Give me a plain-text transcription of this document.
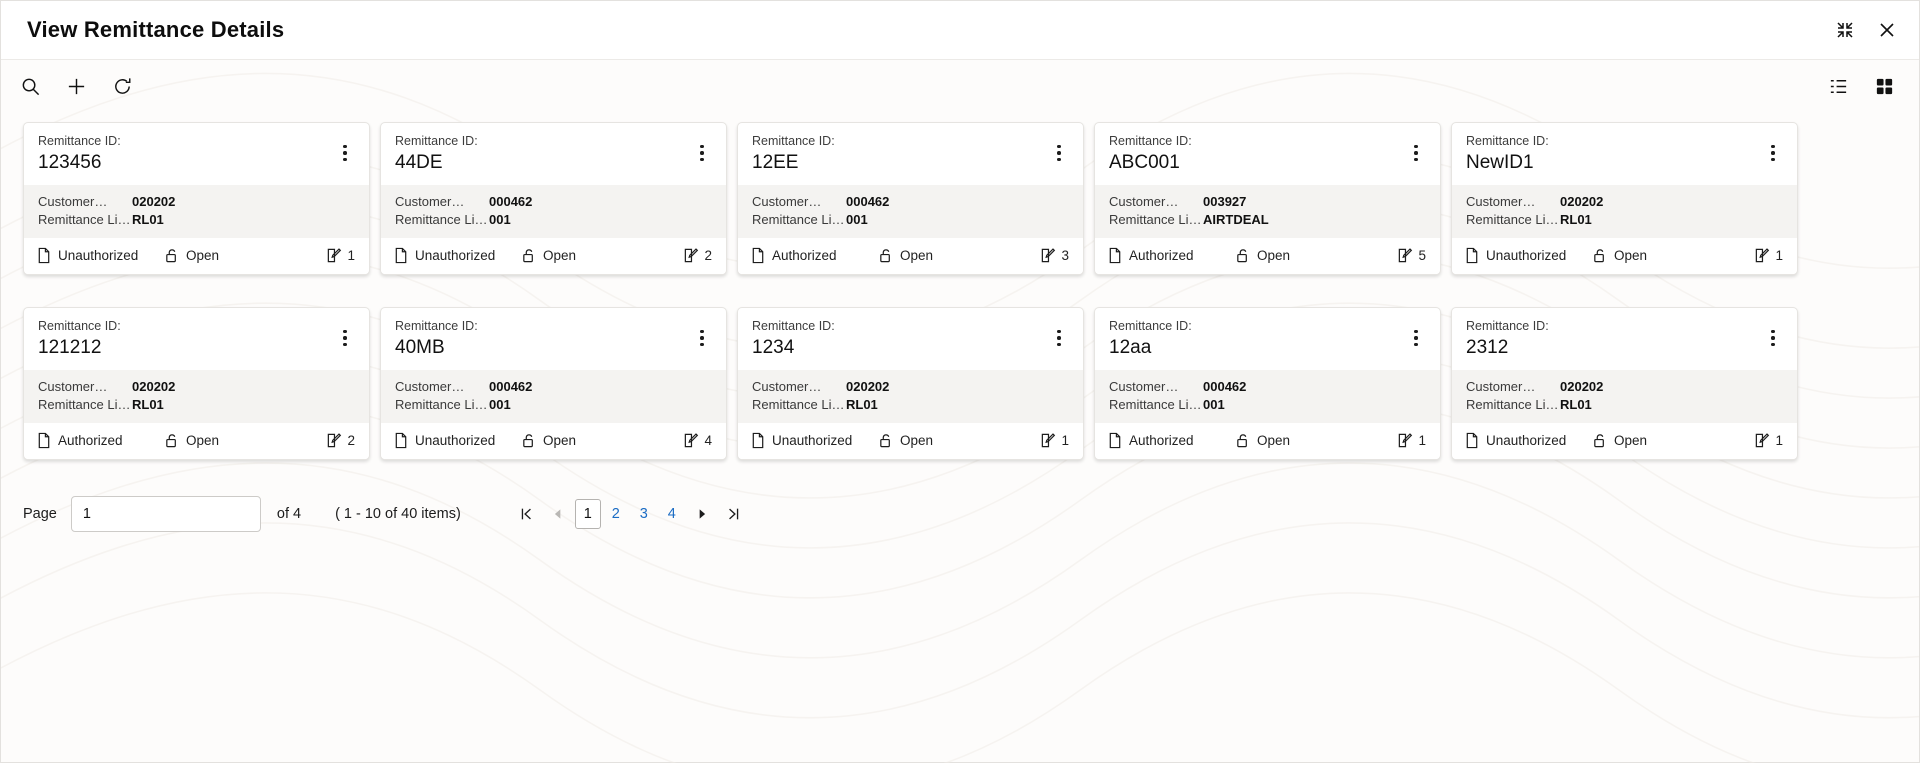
View Remittance Details
Remittance ID:
123456
Customer…	020202
Remittance Li… RL01
Unauthorized	Open	1
Remittance ID:
44DE
Customer…	000462
Remittance Li… 001
Unauthorized	Open	2
Remittance ID:
12EE
Customer…	000462
Remittance Li… 001
Authorized	Open	3
Remittance ID:
ABC001
Customer…	003927
Remittance Li… AIRTDEAL
Authorized	Open	5
Remittance ID:
NewID1
Customer…	020202
Remittance Li… RL01
Unauthorized	Open	1
Remittance ID:
121212
Customer…	020202
Remittance Li… RL01
Authorized	Open	2
Remittance ID:
40MB
Customer…	000462
Remittance Li… 001
Unauthorized	Open	4
Remittance ID:
1234
Customer…	020202
Remittance Li… RL01
Unauthorized	Open	1
Remittance ID:
12aa
Customer…	000462
Remittance Li… 001
Authorized	Open	1
Remittance ID:
2312
Customer…	020202
Remittance Li… RL01
Unauthorized	Open	1
Page
1	of 4 ( 1 - 10 of 40 items)	1	2	3	4
